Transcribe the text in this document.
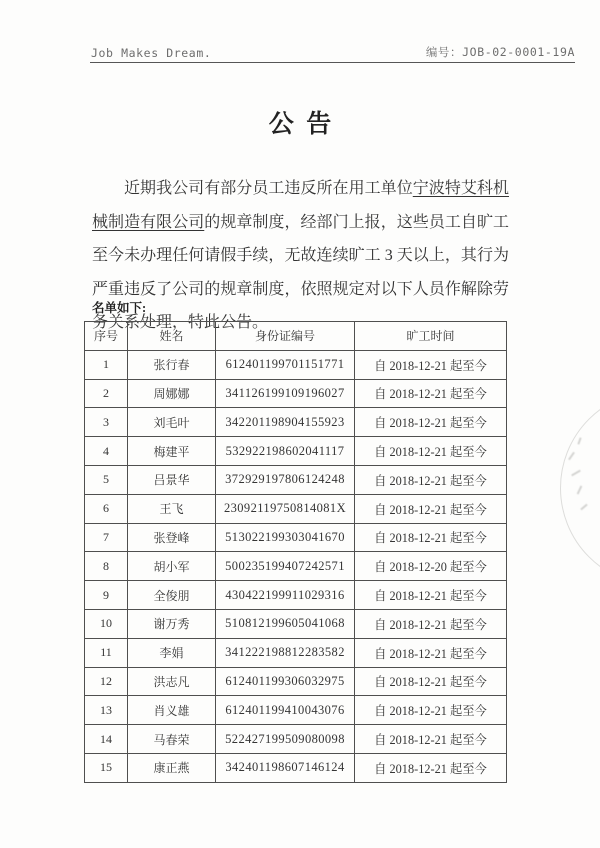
Job Makes Dream.	编号：JOB-02-0001-19A
公  告
近期我公司有部分员工违反所在用工单位宁波特艾科机械制造有限公司的规章制度，经部门上报，这些员工自旷工至今未办理任何请假手续，无故连续旷工 3 天以上，其行为严重违反了公司的规章制度，依照规定对以下人员作解除劳务关系处理，特此公告。
名单如下:
序号	姓名	身份证编号	旷工时间
1	张行春	612401199701151771	自 2018-12-21 起至今
2	周娜娜	341126199109196027	自 2018-12-21 起至今
3	刘毛叶	342201198904155923	自 2018-12-21 起至今
4	梅建平	532922198602041117	自 2018-12-21 起至今
5	吕景华	372929197806124248	自 2018-12-21 起至今
6	王飞	23092119750814081X	自 2018-12-21 起至今
7	张登峰	513022199303041670	自 2018-12-21 起至今
8	胡小军	500235199407242571	自 2018-12-20 起至今
9	全俊朋	430422199911029316	自 2018-12-21 起至今
10	谢万秀	510812199605041068	自 2018-12-21 起至今
11	李娟	341222198812283582	自 2018-12-21 起至今
12	洪志凡	612401199306032975	自 2018-12-21 起至今
13	肖义雄	612401199410043076	自 2018-12-21 起至今
14	马春荣	522427199509080098	自 2018-12-21 起至今
15	康正燕	342401198607146124	自 2018-12-21 起至今
